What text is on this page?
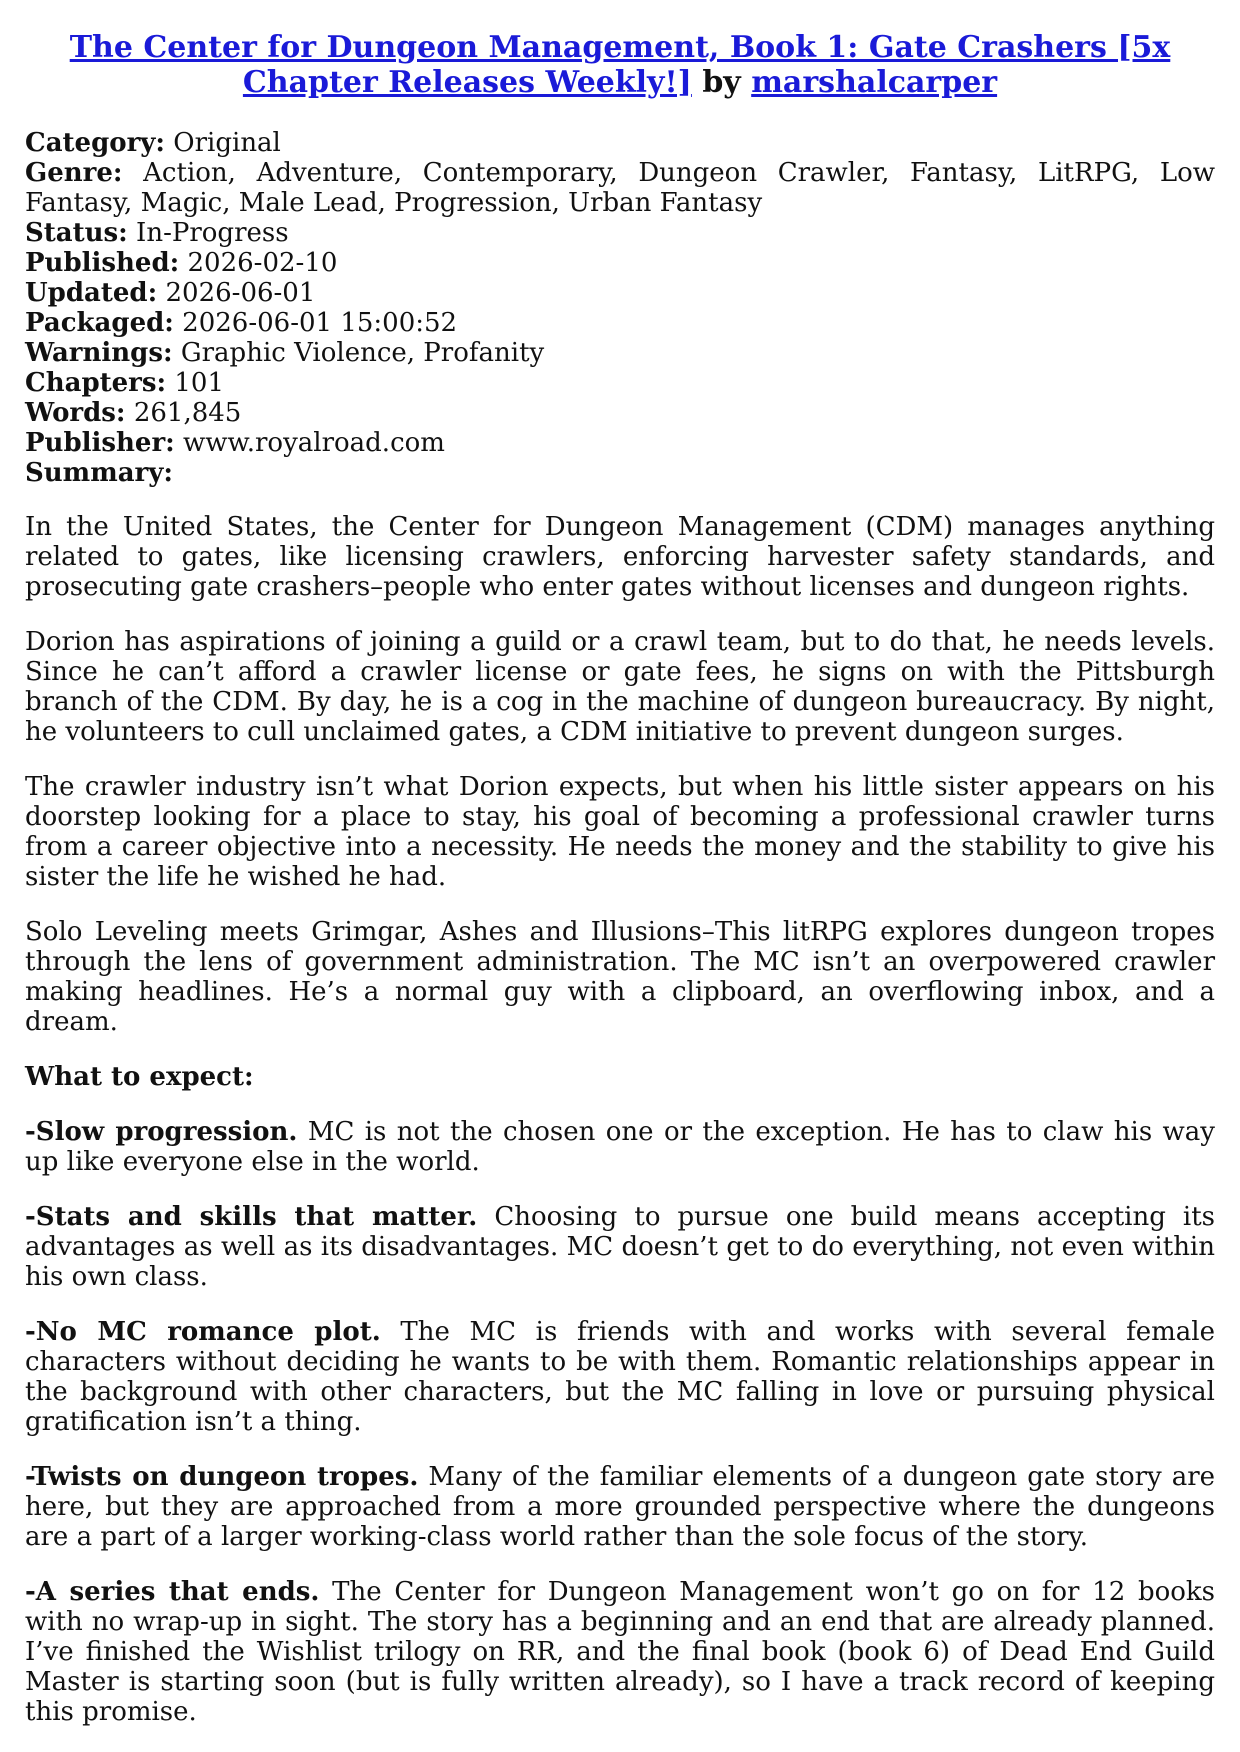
The Center for Dungeon Management, Book 1: Gate Crashers [5x Chapter Releases Weekly!] by marshalcarper
Category: Original
Genre: Action, Adventure, Contemporary, Dungeon Crawler, Fantasy, LitRPG, Low Fantasy, Magic, Male Lead, Progression, Urban Fantasy
Status: In-Progress
Published: 2026-02-10
Updated: 2026-06-01
Packaged: 2026-06-01 15:00:52
Warnings: Graphic Violence, Profanity
Chapters: 101
Words: 261,845
Publisher: www.royalroad.com
Summary:

In the United States, the Center for Dungeon Management (CDM) manages anything related to gates, like licensing crawlers, enforcing harvester safety standards, and prosecuting gate crashers–people who enter gates without licenses and dungeon rights.

Dorion has aspirations of joining a guild or a crawl team, but to do that, he needs levels. Since he can’t afford a crawler license or gate fees, he signs on with the Pittsburgh branch of the CDM. By day, he is a cog in the machine of dungeon bureaucracy. By night, he volunteers to cull unclaimed gates, a CDM initiative to prevent dungeon surges.

The crawler industry isn’t what Dorion expects, but when his little sister appears on his doorstep looking for a place to stay, his goal of becoming a professional crawler turns from a career objective into a necessity. He needs the money and the stability to give his sister the life he wished he had.

Solo Leveling meets Grimgar, Ashes and Illusions–This litRPG explores dungeon tropes through the lens of government administration. The MC isn’t an overpowered crawler making headlines. He’s a normal guy with a clipboard, an overflowing inbox, and a dream.

What to expect:

-Slow progression. MC is not the chosen one or the exception. He has to claw his way up like everyone else in the world.

-Stats and skills that matter. Choosing to pursue one build means accepting its advantages as well as its disadvantages. MC doesn’t get to do everything, not even within his own class.

-No MC romance plot. The MC is friends with and works with several female characters without deciding he wants to be with them. Romantic relationships appear in the background with other characters, but the MC falling in love or pursuing physical gratification isn’t a thing.

-Twists on dungeon tropes. Many of the familiar elements of a dungeon gate story are here, but they are approached from a more grounded perspective where the dungeons are a part of a larger working-class world rather than the sole focus of the story.

-A series that ends. The Center for Dungeon Management won’t go on for 12 books with no wrap-up in sight. The story has a beginning and an end that are already planned. I’ve finished the Wishlist trilogy on RR, and the final book (book 6) of Dead End Guild Master is starting soon (but is fully written already), so I have a track record of keeping this promise.
